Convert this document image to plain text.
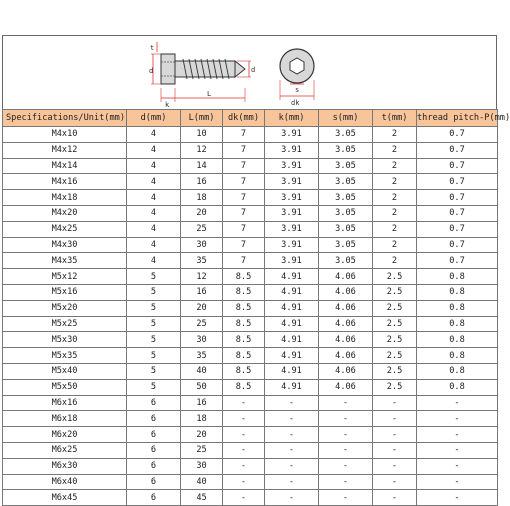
t
d	d
k
L	s
dk
Specifications/Unit(mm)	d(mm)	L(mm)	dk(mm)	k(mm)	s(mm)	t(mm)	thread pitch-P(mm)
M4x10	4	10	7	3.91	3.05	2	0.7
M4x12	4	12	7	3.91	3.05	2	0.7
M4x14	4	14	7	3.91	3.05	2	0.7
M4x16	4	16	7	3.91	3.05	2	0.7
M4x18	4	18	7	3.91	3.05	2	0.7
M4x20	4	20	7	3.91	3.05	2	0.7
M4x25	4	25	7	3.91	3.05	2	0.7
M4x30	4	30	7	3.91	3.05	2	0.7
M4x35	4	35	7	3.91	3.05	2	0.7
M5x12	5	12	8.5	4.91	4.06	2.5	0.8
M5x16	5	16	8.5	4.91	4.06	2.5	0.8
M5x20	5	20	8.5	4.91	4.06	2.5	0.8
M5x25	5	25	8.5	4.91	4.06	2.5	0.8
M5x30	5	30	8.5	4.91	4.06	2.5	0.8
M5x35	5	35	8.5	4.91	4.06	2.5	0.8
M5x40	5	40	8.5	4.91	4.06	2.5	0.8
M5x50	5	50	8.5	4.91	4.06	2.5	0.8
M6x16	6	16	-	-	-	-	-
M6x18	6	18	-	-	-	-	-
M6x20	6	20	-	-	-	-	-
M6x25	6	25	-	-	-	-	-
M6x30	6	30	-	-	-	-	-
M6x40	6	40	-	-	-	-	-
M6x45	6	45	-	-	-	-	-
